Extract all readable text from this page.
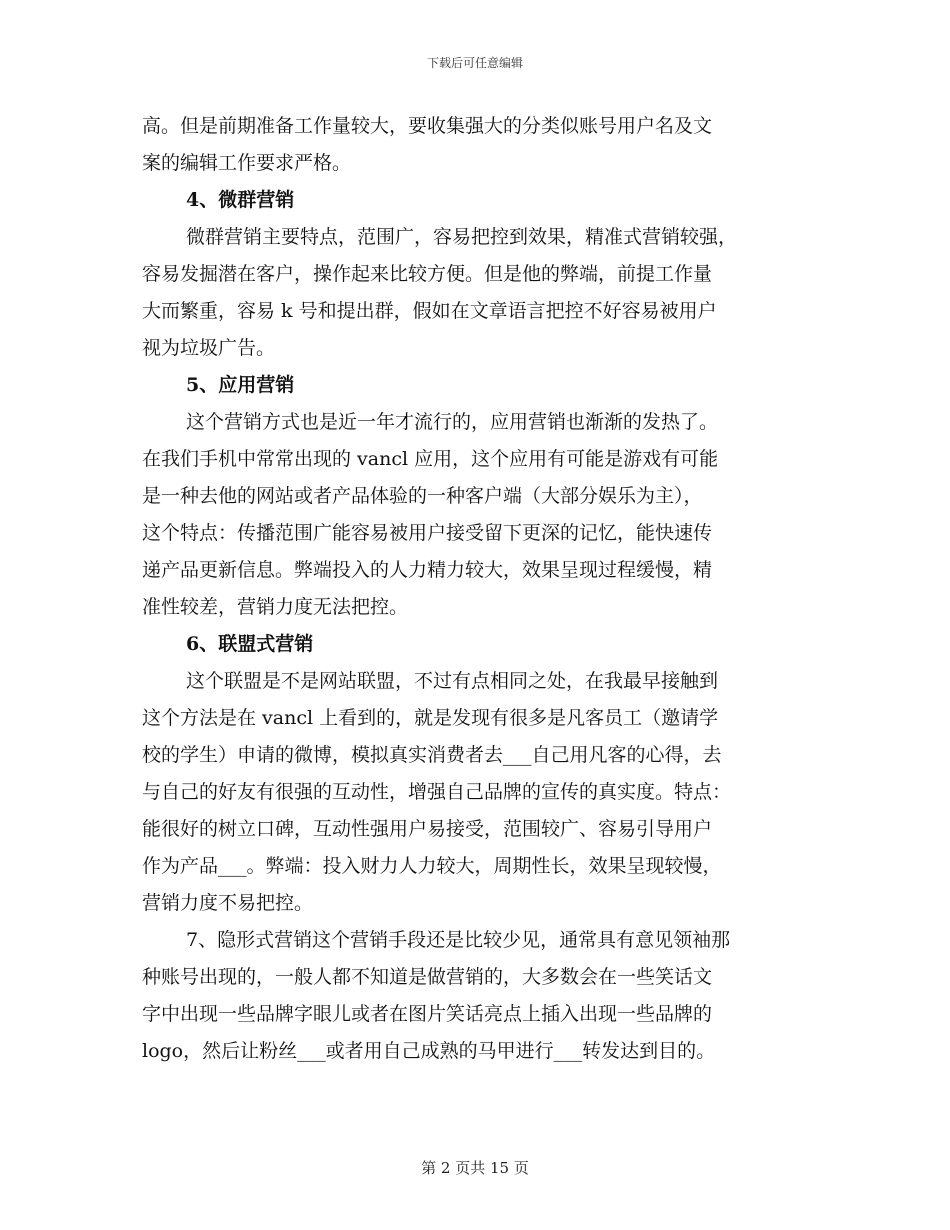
下载后可任意编辑
高。但是前期准备工作量较大，要收集强大的分类似账号用户名及文
案的编辑工作要求严格。
4、微群营销
微群营销主要特点，范围广，容易把控到效果，精准式营销较强，
容易发掘潜在客户，操作起来比较方便。但是他的弊端，前提工作量
大而繁重，容易 k 号和提出群，假如在文章语言把控不好容易被用户
视为垃圾广告。
5、应用营销
这个营销方式也是近一年才流行的，应用营销也渐渐的发热了。
在我们手机中常常出现的 vancl 应用，这个应用有可能是游戏有可能
是一种去他的网站或者产品体验的一种客户端（大部分娱乐为主），
这个特点：传播范围广能容易被用户接受留下更深的记忆，能快速传
递产品更新信息。弊端投入的人力精力较大，效果呈现过程缓慢，精
准性较差，营销力度无法把控。
6、联盟式营销
这个联盟是不是网站联盟，不过有点相同之处，在我最早接触到
这个方法是在 vancl 上看到的，就是发现有很多是凡客员工（邀请学
校的学生）申请的微博，模拟真实消费者去___自己用凡客的心得，去
与自己的好友有很强的互动性，增强自己品牌的宣传的真实度。特点：
能很好的树立口碑，互动性强用户易接受，范围较广、容易引导用户
作为产品___。弊端：投入财力人力较大，周期性长，效果呈现较慢，
营销力度不易把控。
7、隐形式营销这个营销手段还是比较少见，通常具有意见领袖那
种账号出现的，一般人都不知道是做营销的，大多数会在一些笑话文
字中出现一些品牌字眼儿或者在图片笑话亮点上插入出现一些品牌的
logo，然后让粉丝___或者用自己成熟的马甲进行___转发达到目的。
第 2 页共 15 页
